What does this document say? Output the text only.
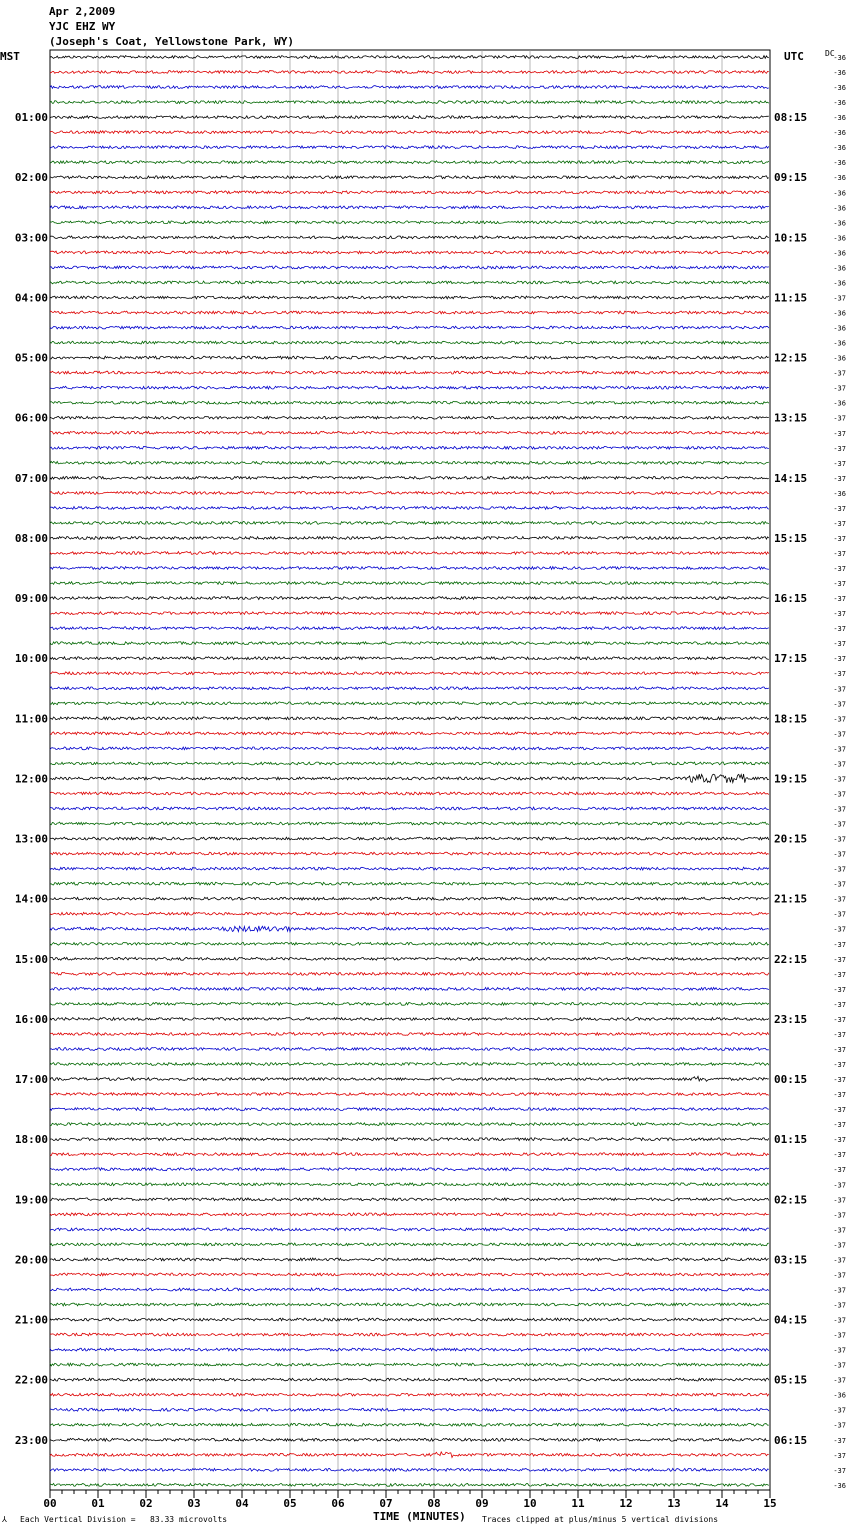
Apr 2,2009
YJC EHZ WY
(Joseph's Coat, Yellowstone Park, WY)
MST	UTC	DC
-36
-36
-36
-36
-36
-36
-36
-36
-36
-36
-36
-36
-36
-36
-36
-36
-37
-36
-36
-36
-36
-37
-37
-36
-37
-37
-37
-37
-37
-36
-37
-37
-37
-37
-37
-37
-37
-37
-37
-37
-37
-37
-37
-37
-37
-37
-37
-37
-37
-37
-37
-37
-37
-37
-37
-37
-37
-37
-37
-37
-37
-37
-37
-37
-37
-37
-37
-37
-37
-37
-37
-37
-37
-37
-37
-37
-37
-37
-37
-37
-37
-37
-37
-37
-37
-37
-37
-37
-37
-36
-37
-37
-37
-37
-37
-36
01:00
02:00
03:00
04:00
05:00
06:00
07:00
08:00
09:00
10:00
11:00
12:00
13:00
14:00
15:00
16:00
17:00
18:00
19:00
20:00
21:00
22:00
23:00
08:15
09:15
10:15
11:15
12:15
13:15
14:15
15:15
16:15
17:15
18:15
19:15
20:15
21:15
22:15
23:15
00:15
01:15
02:15
03:15
04:15
05:15
06:15
00	01	02	03	04	05	06	07	08	09	10	11	12	13	14	15
⅄ Each Vertical Division =   83.33 microvolts	TIME (MINUTES) Traces clipped at plus/minus 5 vertical divisions
